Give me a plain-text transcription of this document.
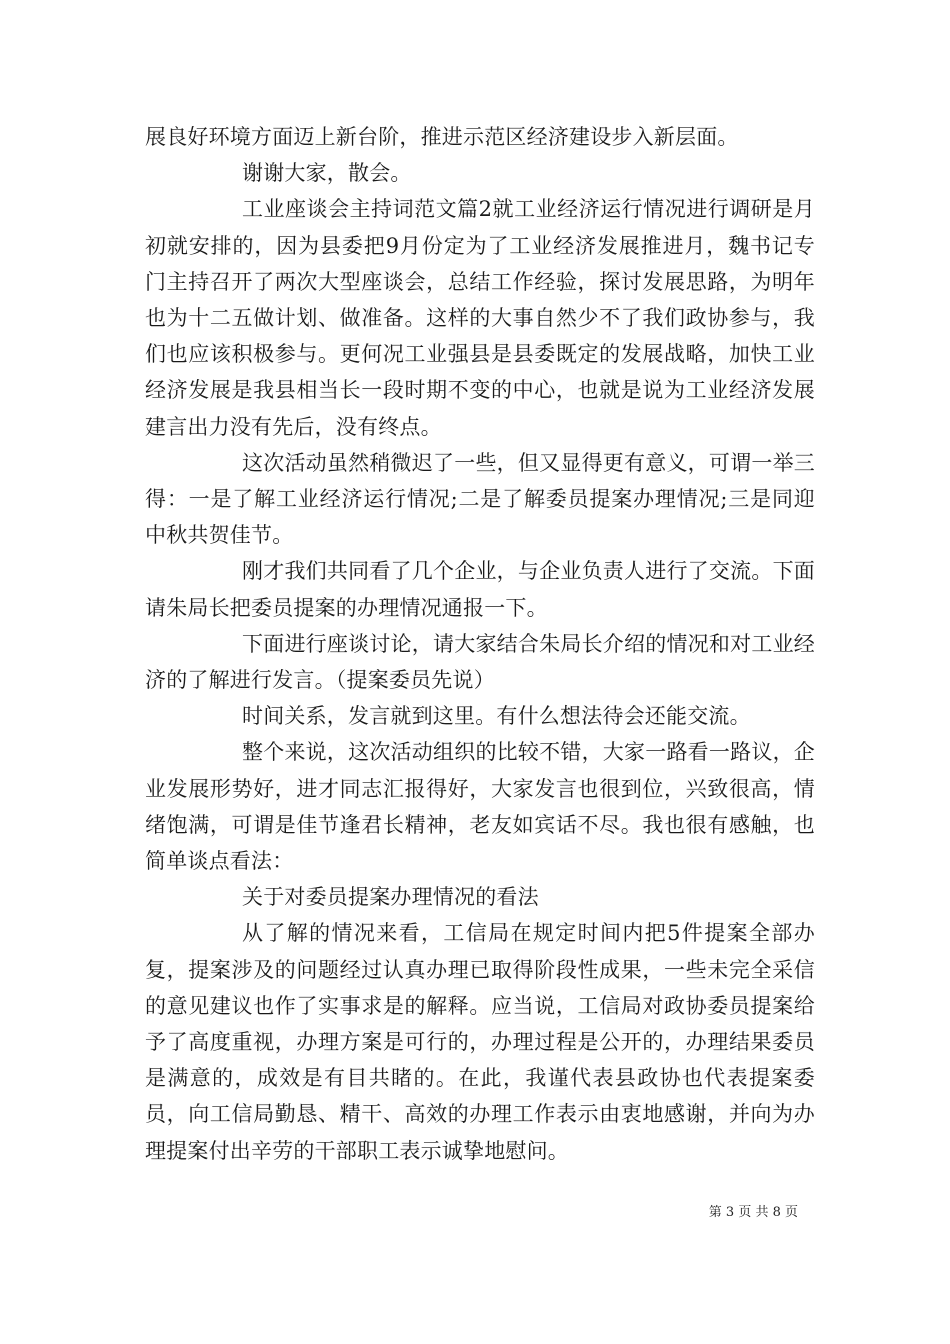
展良好环境方面迈上新台阶，推进示范区经济建设步入新层面。

谢谢大家，散会。

工业座谈会主持词范文篇2就工业经济运行情况进行调研是月初就安排的，因为县委把9月份定为了工业经济发展推进月，魏书记专门主持召开了两次大型座谈会，总结工作经验，探讨发展思路，为明年也为十二五做计划、做准备。这样的大事自然少不了我们政协参与，我们也应该积极参与。更何况工业强县是县委既定的发展战略，加快工业经济发展是我县相当长一段时期不变的中心，也就是说为工业经济发展建言出力没有先后，没有终点。

这次活动虽然稍微迟了一些，但又显得更有意义，可谓一举三得：一是了解工业经济运行情况;二是了解委员提案办理情况;三是同迎中秋共贺佳节。

刚才我们共同看了几个企业，与企业负责人进行了交流。下面请朱局长把委员提案的办理情况通报一下。

下面进行座谈讨论，请大家结合朱局长介绍的情况和对工业经济的了解进行发言。（提案委员先说）

时间关系，发言就到这里。有什么想法待会还能交流。

整个来说，这次活动组织的比较不错，大家一路看一路议，企业发展形势好，进才同志汇报得好，大家发言也很到位，兴致很高，情绪饱满，可谓是佳节逢君长精神，老友如宾话不尽。我也很有感触，也简单谈点看法：

关于对委员提案办理情况的看法

从了解的情况来看，工信局在规定时间内把5件提案全部办复，提案涉及的问题经过认真办理已取得阶段性成果，一些未完全采信的意见建议也作了实事求是的解释。应当说，工信局对政协委员提案给予了高度重视，办理方案是可行的，办理过程是公开的，办理结果委员是满意的，成效是有目共睹的。在此，我谨代表县政协也代表提案委员，向工信局勤恳、精干、高效的办理工作表示由衷地感谢，并向为办理提案付出辛劳的干部职工表示诚挚地慰问。

第 3 页 共 8 页
